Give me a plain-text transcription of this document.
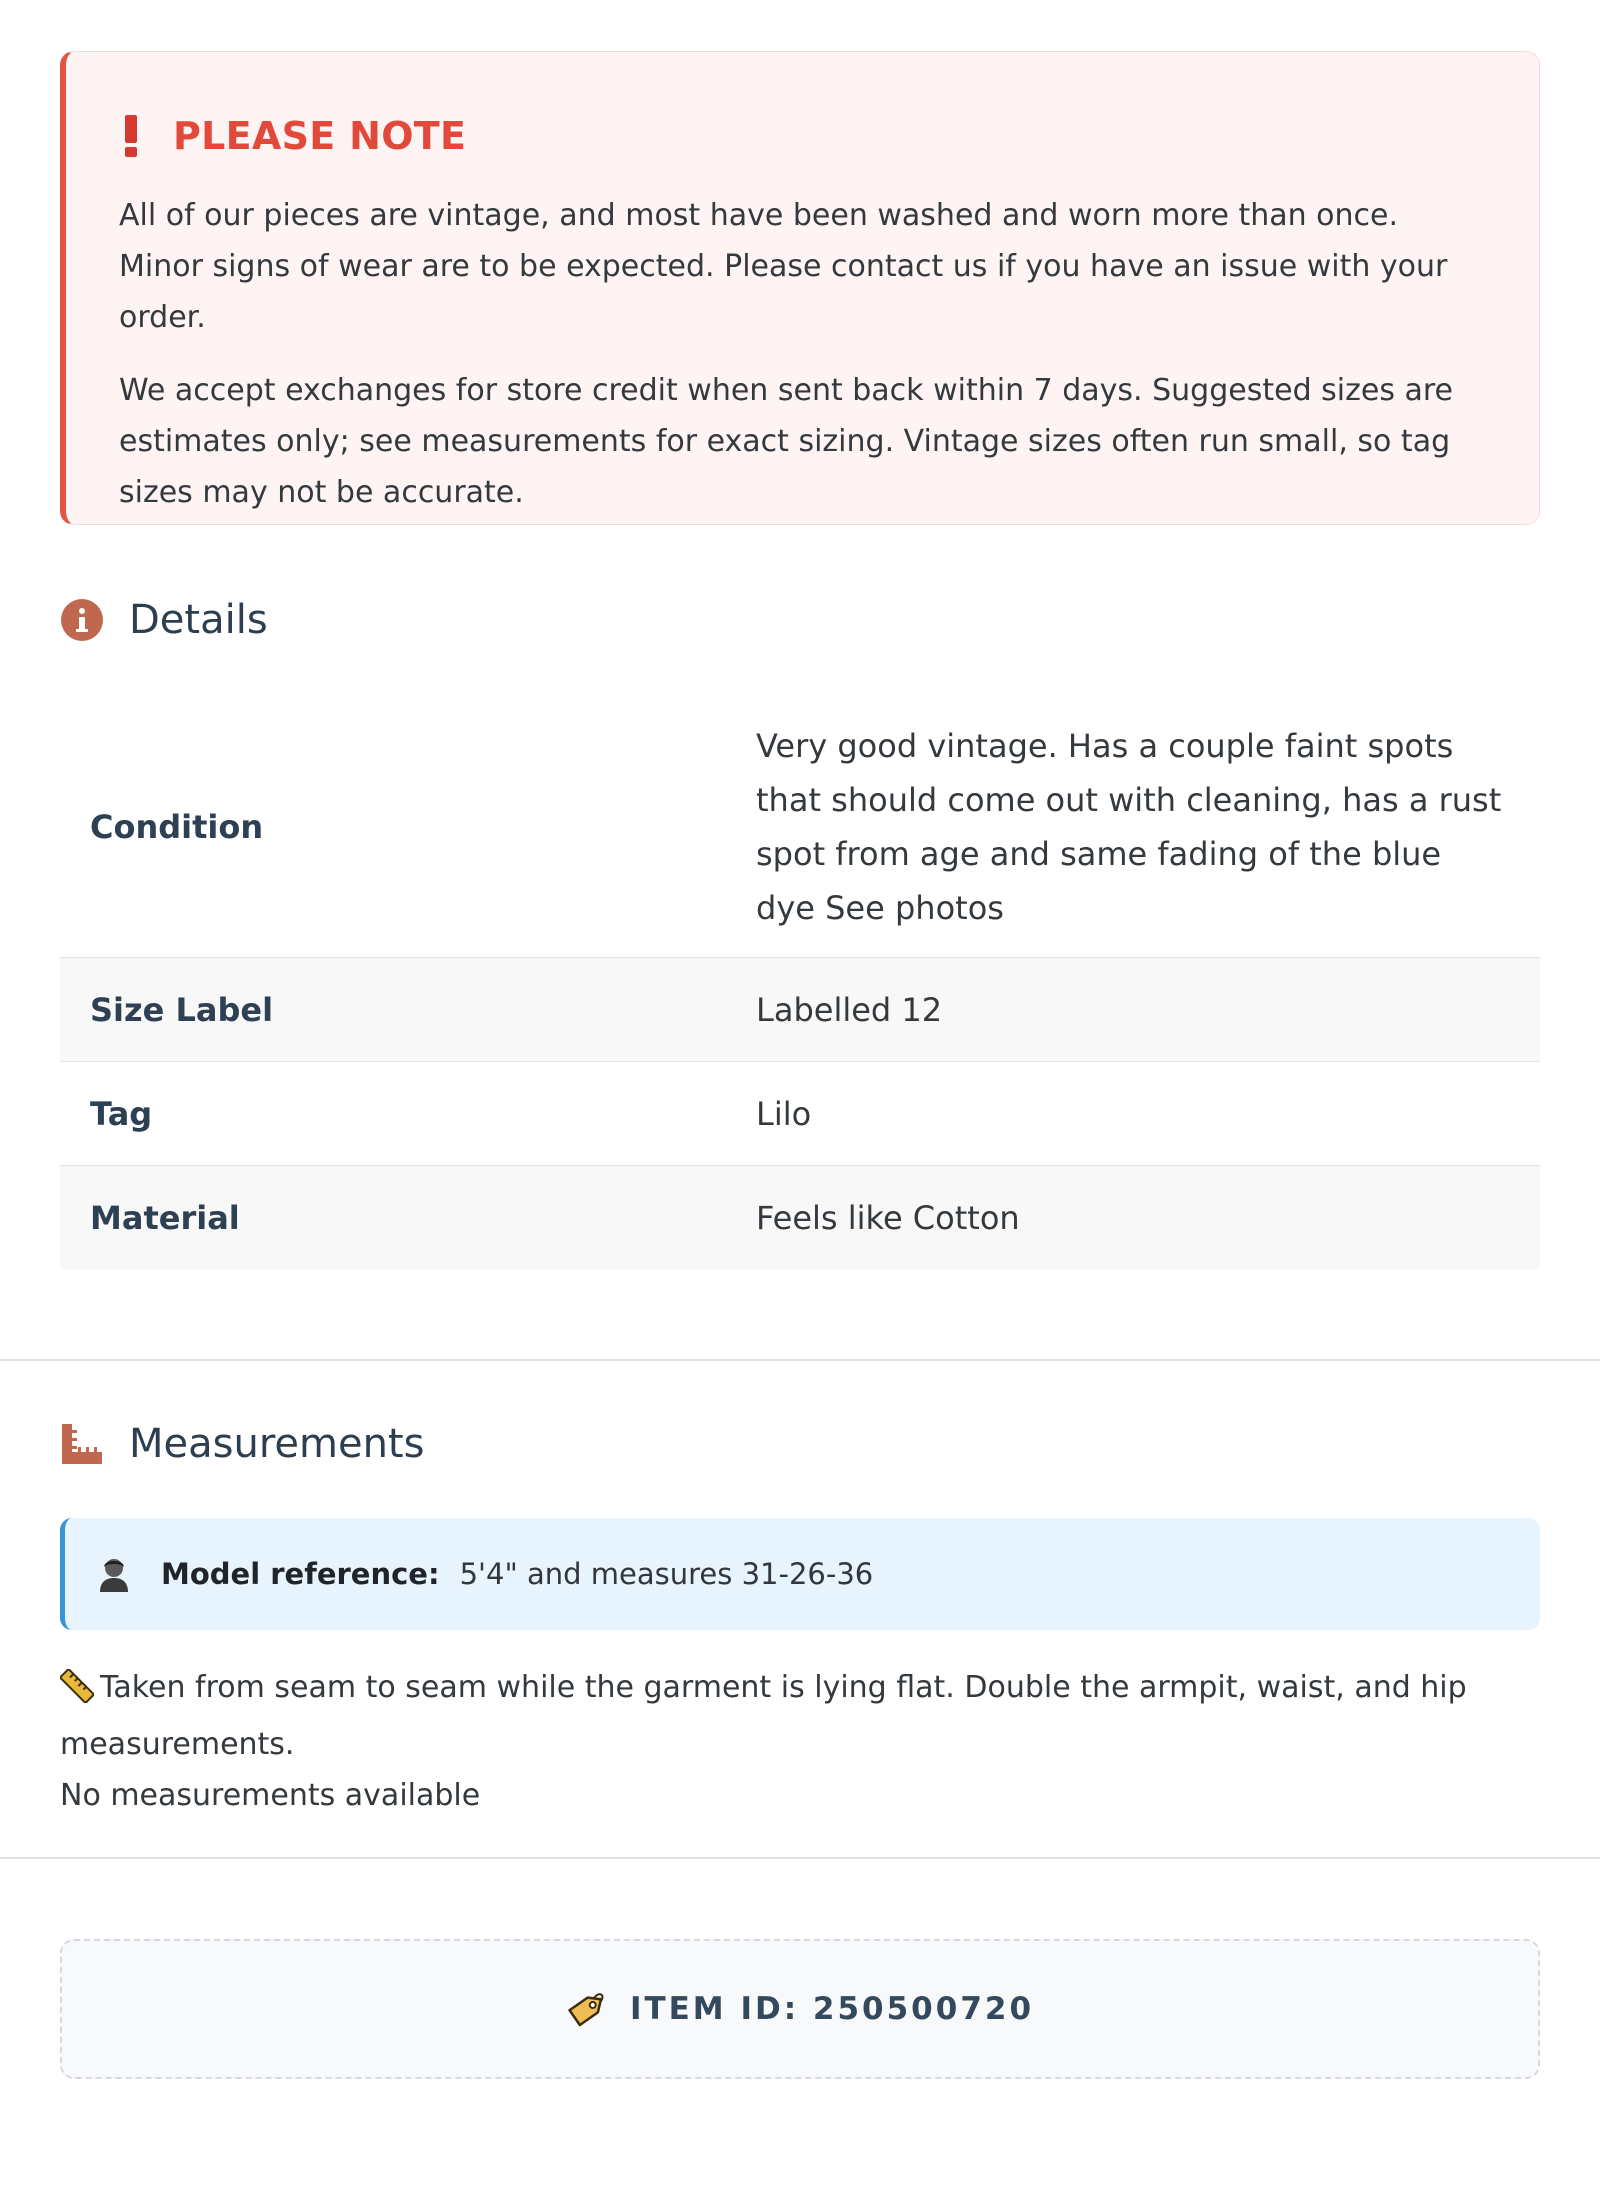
PLEASE NOTE

All of our pieces are vintage, and most have been washed and worn more than once. Minor signs of wear are to be expected. Please contact us if you have an issue with your order.

We accept exchanges for store credit when sent back within 7 days. Suggested sizes are estimates only; see measurements for exact sizing. Vintage sizes often run small, so tag sizes may not be accurate.

Details
Condition	Very good vintage. Has a couple faint spots that should come out with cleaning, has a rust spot from age and same fading of the blue dye See photos
Size Label	Labelled 12
Tag	Lilo
Material	Feels like Cotton
Measurements
Model reference: 5'4" and measures 31-26-36
Taken from seam to seam while the garment is lying flat. Double the armpit, waist, and hip measurements.
No measurements available
ITEM ID: 250500720
